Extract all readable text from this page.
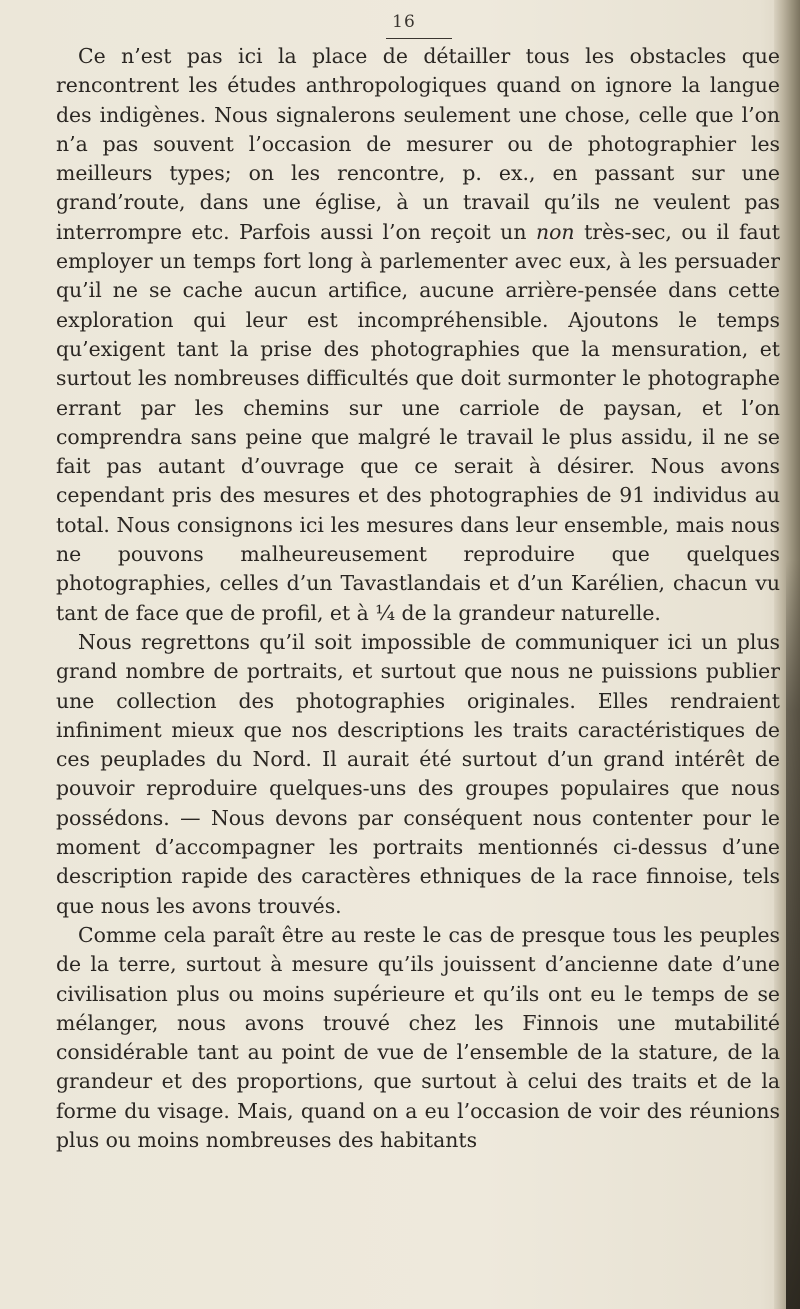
16

Ce n’est pas ici la place de détailler tous les obstacles que rencontrent les études anthropologiques quand on ignore la langue des indigènes. Nous signalerons seulement une chose, celle que l’on n’a pas souvent l’occasion de mesurer ou de photographier les meilleurs types; on les rencontre, p. ex., en passant sur une grand’route, dans une église, à un travail qu’ils ne veulent pas interrompre etc. Parfois aussi l’on reçoit un non très-sec, ou il faut employer un temps fort long à parlementer avec eux, à les persuader qu’il ne se cache aucun artifice, aucune arrière-pensée dans cette exploration qui leur est incompréhensible. Ajoutons le temps qu’exigent tant la prise des photographies que la mensuration, et surtout les nombreuses difficultés que doit surmonter le photographe errant par les chemins sur une carriole de paysan, et l’on comprendra sans peine que malgré le travail le plus assidu, il ne se fait pas autant d’ouvrage que ce serait à désirer. Nous avons cependant pris des mesures et des photographies de 91 individus au total. Nous consignons ici les mesures dans leur ensemble, mais nous ne pouvons malheureusement reproduire que quelques photographies, celles d’un Tavastlandais et d’un Karélien, chacun vu tant de face que de profil, et à ¼ de la grandeur naturelle.

Nous regrettons qu’il soit impossible de communiquer ici un plus grand nombre de portraits, et surtout que nous ne puissions publier une collection des photographies originales. Elles rendraient infiniment mieux que nos descriptions les traits caractéristiques de ces peuplades du Nord. Il aurait été surtout d’un grand intérêt de pouvoir reproduire quelques-uns des groupes populaires que nous possédons. — Nous devons par conséquent nous contenter pour le moment d’accompagner les portraits mentionnés ci-dessus d’une description rapide des caractères ethniques de la race finnoise, tels que nous les avons trouvés.

Comme cela paraît être au reste le cas de presque tous les peuples de la terre, surtout à mesure qu’ils jouissent d’ancienne date d’une civilisation plus ou moins supérieure et qu’ils ont eu le temps de se mélanger, nous avons trouvé chez les Finnois une mutabilité considérable tant au point de vue de l’ensemble de la stature, de la grandeur et des proportions, que surtout à celui des traits et de la forme du visage. Mais, quand on a eu l’occasion de voir des réunions plus ou moins nombreuses des habitants
